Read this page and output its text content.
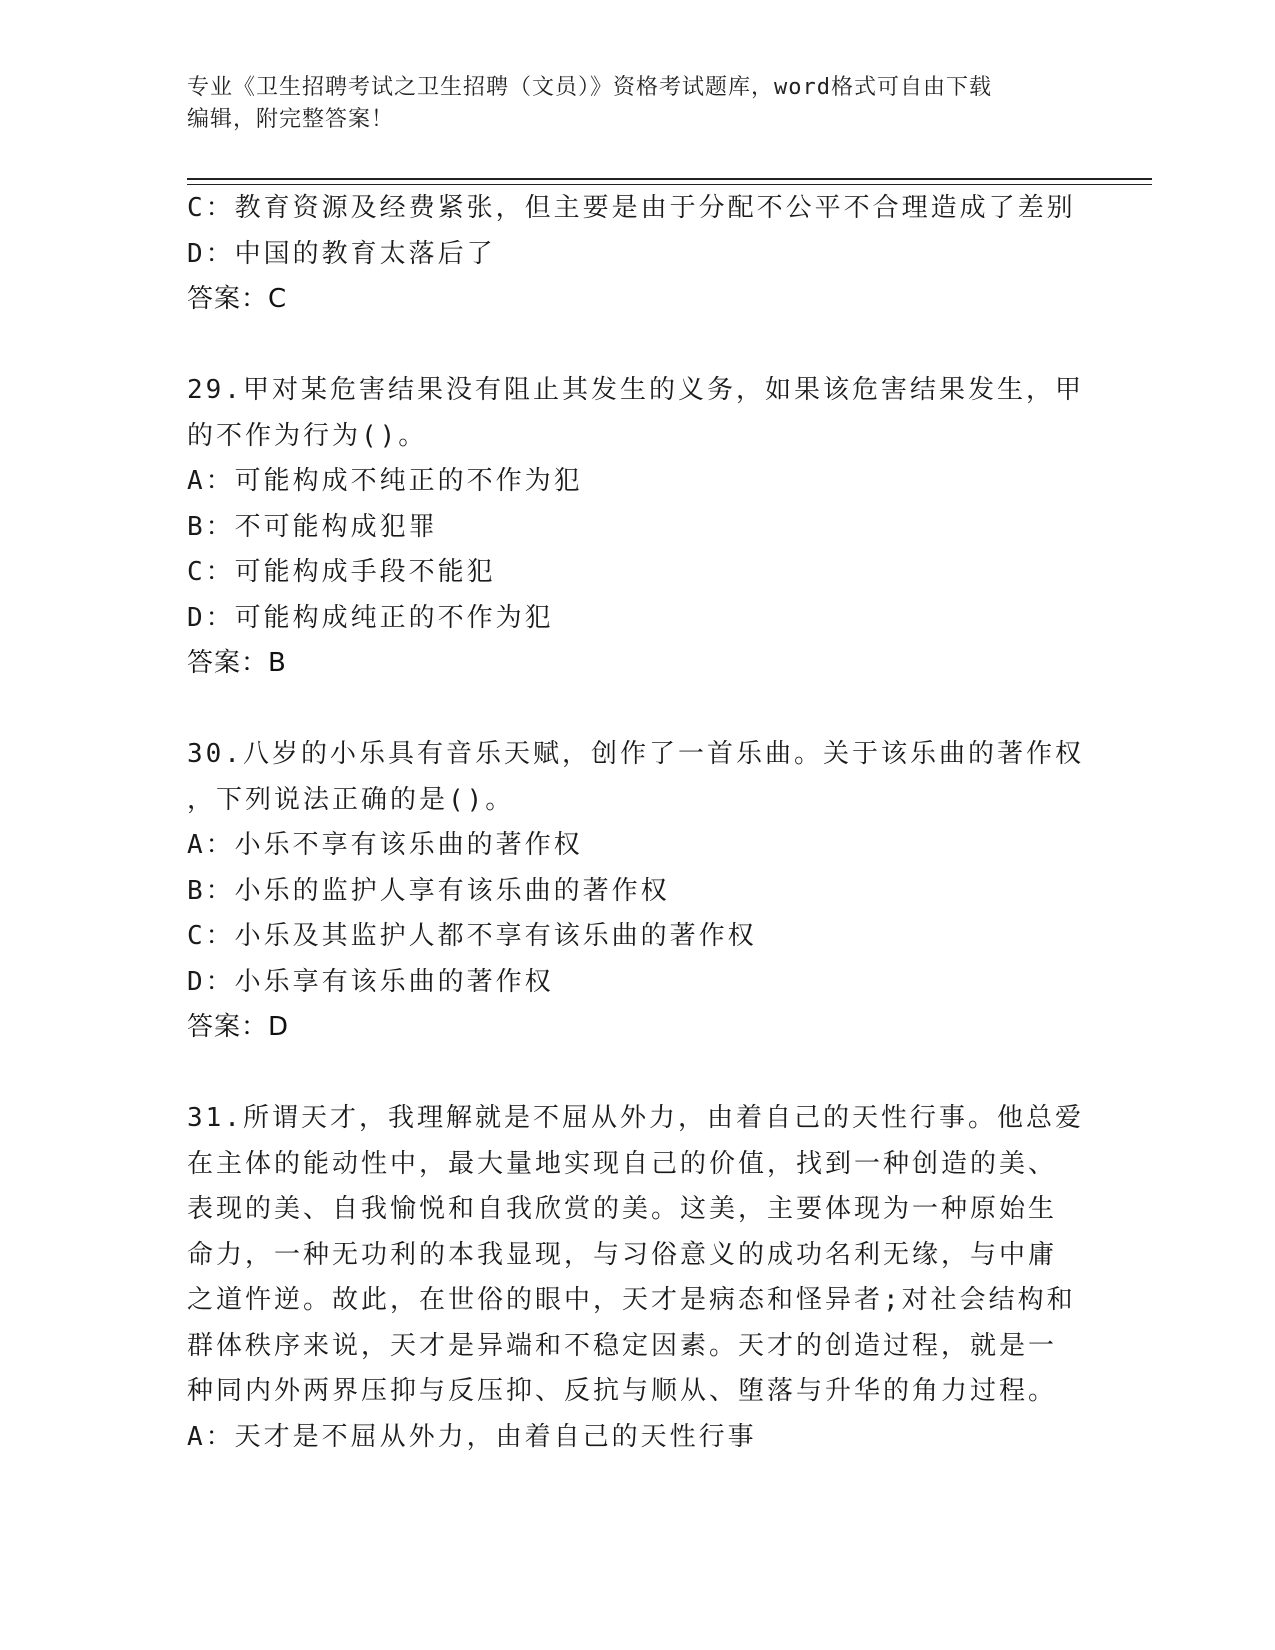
专业《卫生招聘考试之卫生招聘（文员）》资格考试题库，word格式可自由下载
编辑，附完整答案！
C：教育资源及经费紧张，但主要是由于分配不公平不合理造成了差别
D：中国的教育太落后了
答案：C
29.甲对某危害结果没有阻止其发生的义务，如果该危害结果发生，甲
的不作为行为()。
A：可能构成不纯正的不作为犯
B：不可能构成犯罪
C：可能构成手段不能犯
D：可能构成纯正的不作为犯
答案：B
30.八岁的小乐具有音乐天赋，创作了一首乐曲。关于该乐曲的著作权
，下列说法正确的是()。
A：小乐不享有该乐曲的著作权
B：小乐的监护人享有该乐曲的著作权
C：小乐及其监护人都不享有该乐曲的著作权
D：小乐享有该乐曲的著作权
答案：D
31.所谓天才，我理解就是不屈从外力，由着自己的天性行事。他总爱
在主体的能动性中，最大量地实现自己的价值，找到一种创造的美、
表现的美、自我愉悦和自我欣赏的美。这美，主要体现为一种原始生
命力，一种无功利的本我显现，与习俗意义的成功名利无缘，与中庸
之道忤逆。故此，在世俗的眼中，天才是病态和怪异者;对社会结构和
群体秩序来说，天才是异端和不稳定因素。天才的创造过程，就是一
种同内外两界压抑与反压抑、反抗与顺从、堕落与升华的角力过程。
A：天才是不屈从外力，由着自己的天性行事
